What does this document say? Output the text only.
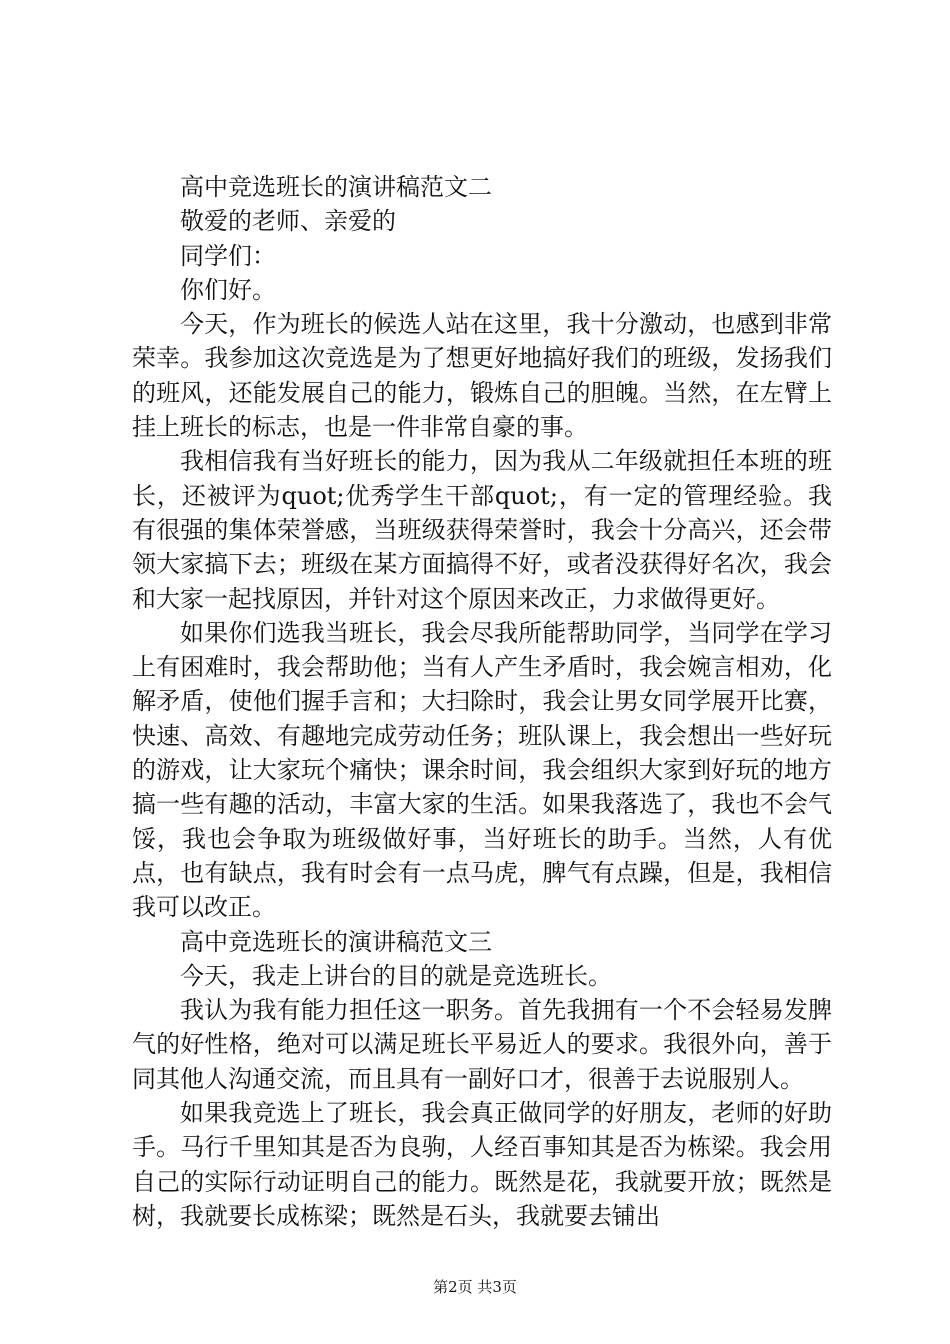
高中竞选班长的演讲稿范文二

敬爱的老师、亲爱的

同学们：

你们好。

今天，作为班长的候选人站在这里，我十分激动，也感到非常荣幸。我参加这次竞选是为了想更好地搞好我们的班级，发扬我们的班风，还能发展自己的能力，锻炼自己的胆魄。当然，在左臂上挂上班长的标志，也是一件非常自豪的事。

我相信我有当好班长的能力，因为我从二年级就担任本班的班长，还被评为quot;优秀学生干部quot;，有一定的管理经验。我有很强的集体荣誉感，当班级获得荣誉时，我会十分高兴，还会带领大家搞下去；班级在某方面搞得不好，或者没获得好名次，我会和大家一起找原因，并针对这个原因来改正，力求做得更好。

如果你们选我当班长，我会尽我所能帮助同学，当同学在学习上有困难时，我会帮助他；当有人产生矛盾时，我会婉言相劝，化解矛盾，使他们握手言和；大扫除时，我会让男女同学展开比赛，快速、高效、有趣地完成劳动任务；班队课上，我会想出一些好玩的游戏，让大家玩个痛快；课余时间，我会组织大家到好玩的地方搞一些有趣的活动，丰富大家的生活。如果我落选了，我也不会气馁，我也会争取为班级做好事，当好班长的助手。当然，人有优点，也有缺点，我有时会有一点马虎，脾气有点躁，但是，我相信我可以改正。

高中竞选班长的演讲稿范文三

今天，我走上讲台的目的就是竞选班长。

我认为我有能力担任这一职务。首先我拥有一个不会轻易发脾气的好性格，绝对可以满足班长平易近人的要求。我很外向，善于同其他人沟通交流，而且具有一副好口才，很善于去说服别人。

如果我竞选上了班长，我会真正做同学的好朋友，老师的好助手。马行千里知其是否为良驹，人经百事知其是否为栋梁。我会用自己的实际行动证明自己的能力。既然是花，我就要开放；既然是树，我就要长成栋梁；既然是石头，我就要去铺出

第2页 共3页
